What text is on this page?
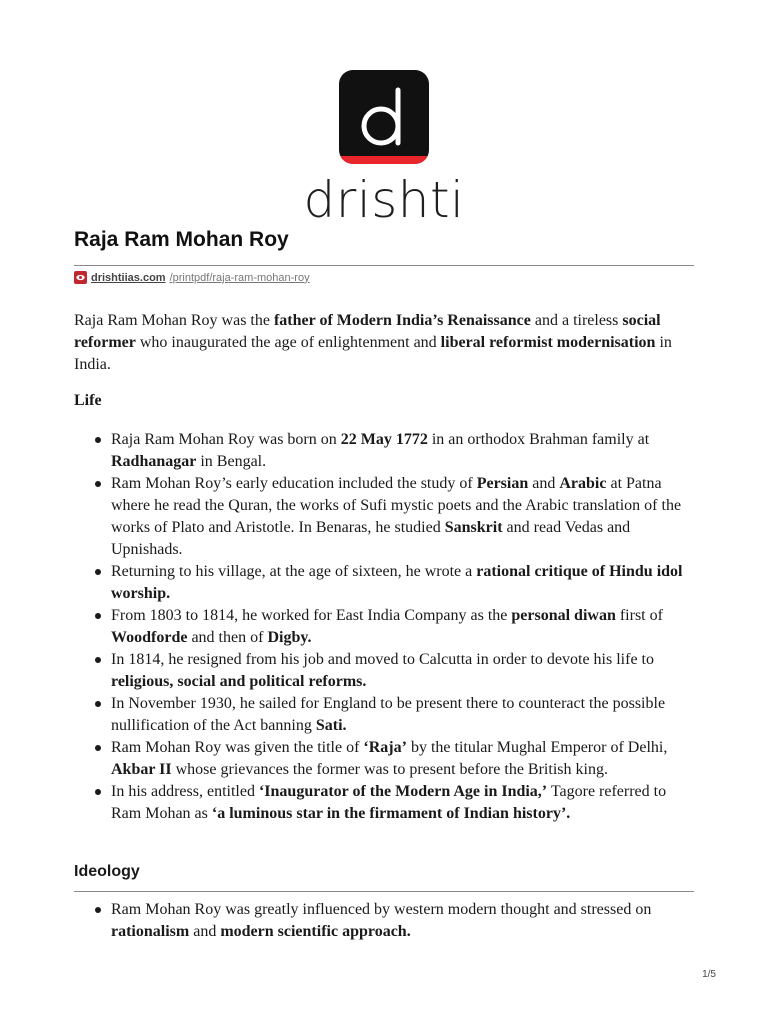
drishti
Raja Ram Mohan Roy
drishtiias.com /printpdf/raja-ram-mohan-roy

Raja Ram Mohan Roy was the father of Modern India’s Renaissance and a tireless social reformer who inaugurated the age of enlightenment and liberal reformist modernisation in India.

Life
Raja Ram Mohan Roy was born on 22 May 1772 in an orthodox Brahman family at Radhanagar in Bengal.
Ram Mohan Roy’s early education included the study of Persian and Arabic at Patna where he read the Quran, the works of Sufi mystic poets and the Arabic translation of the works of Plato and Aristotle. In Benaras, he studied Sanskrit and read Vedas and Upnishads.
Returning to his village, at the age of sixteen, he wrote a rational critique of Hindu idol worship.
From 1803 to 1814, he worked for East India Company as the personal diwan first of Woodforde and then of Digby.
In 1814, he resigned from his job and moved to Calcutta in order to devote his life to religious, social and political reforms.
In November 1930, he sailed for England to be present there to counteract the possible nullification of the Act banning Sati.
Ram Mohan Roy was given the title of ‘Raja’ by the titular Mughal Emperor of Delhi, Akbar II whose grievances the former was to present before the British king.
In his address, entitled ‘Inaugurator of the Modern Age in India,’ Tagore referred to Ram Mohan as ‘a luminous star in the firmament of Indian history’.
Ideology
Ram Mohan Roy was greatly influenced by western modern thought and stressed on rationalism and modern scientific approach.
1/5
